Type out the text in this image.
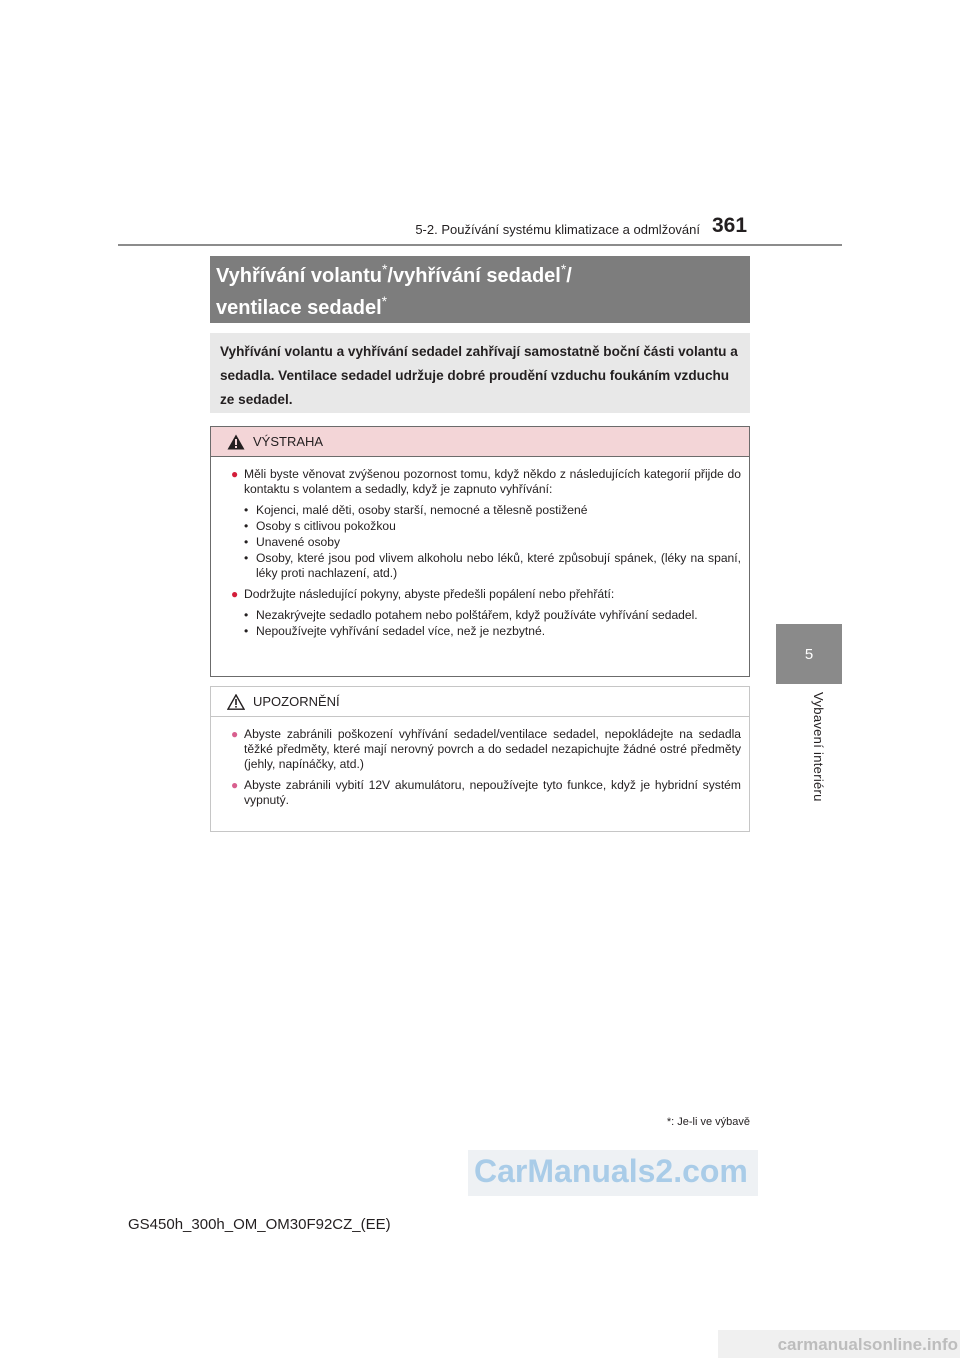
5-2. Používání systému klimatizace a odmlžování 361
5
Vybavení interiéru
Vyhřívání volantu*/vyhřívání sedadel*/
ventilace sedadel*
Vyhřívání volantu a vyhřívání sedadel zahřívají samostatně boční části volantu a sedadla. Ventilace sedadel udržuje dobré proudění vzduchu foukáním vzduchu ze sedadel.
VÝSTRAHA
● Měli byste věnovat zvýšenou pozornost tomu, když někdo z následujících kategorií přijde do kontaktu s volantem a sedadly, když je zapnuto vyhřívání:
• Kojenci, malé děti, osoby starší, nemocné a tělesně postižené
• Osoby s citlivou pokožkou
• Unavené osoby
• Osoby, které jsou pod vlivem alkoholu nebo léků, které způsobují spánek, (léky na spaní, léky proti nachlazení, atd.)
● Dodržujte následující pokyny, abyste předešli popálení nebo přehřátí:
• Nezakrývejte sedadlo potahem nebo polštářem, když používáte vyhřívání sedadel.
• Nepoužívejte vyhřívání sedadel více, než je nezbytné.
UPOZORNĚNÍ
● Abyste zabránili poškození vyhřívání sedadel/ventilace sedadel, nepokládejte na sedadla těžké předměty, které mají nerovný povrch a do sedadel nezapichujte žádné ostré předměty (jehly, napínáčky, atd.)
● Abyste zabránili vybití 12V akumulátoru, nepoužívejte tyto funkce, když je hybridní systém vypnutý.
*: Je-li ve výbavě
CarManuals2.com
GS450h_300h_OM_OM30F92CZ_(EE)
carmanualsonline.info
